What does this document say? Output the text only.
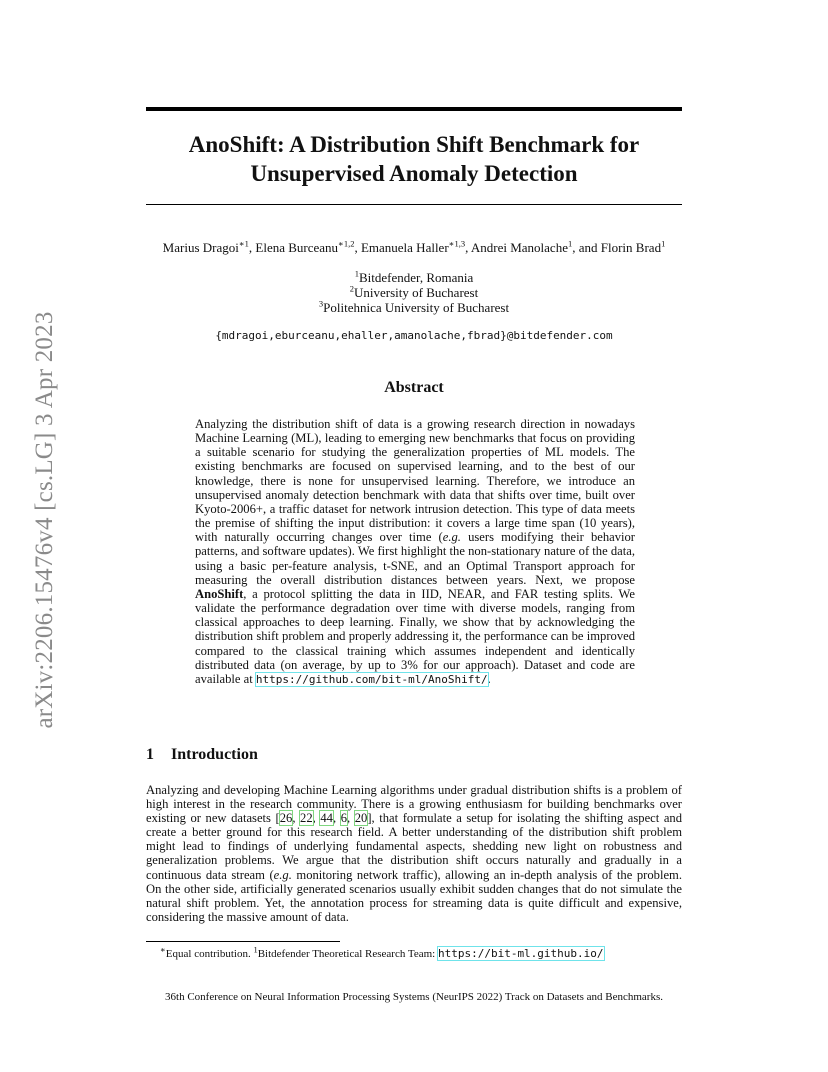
arXiv:2206.15476v4 [cs.LG] 3 Apr 2023
AnoShift: A Distribution Shift Benchmark for
Unsupervised Anomaly Detection
Marius Dragoi$^{∗1}$, Elena Burceanu$^{∗1,2}$, Emanuela Haller$^{∗1,3}$, Andrei Manolache$^1$, and Florin Brad$^1$
$^1$Bitdefender, Romania
$^2$University of Bucharest
$^3$Politehnica University of Bucharest
{mdragoi,eburceanu,ehaller,amanolache,fbrad}@bitdefender.com
Abstract

Analyzing the distribution shift of data is a growing research direction in nowadays Machine Learning (ML), leading to emerging new benchmarks that focus on providing a suitable scenario for studying the generalization properties of ML models. The existing benchmarks are focused on supervised learning, and to the best of our knowledge, there is none for unsupervised learning. Therefore, we introduce an unsupervised anomaly detection benchmark with data that shifts over time, built over Kyoto-2006+, a traffic dataset for network intrusion detection. This type of data meets the premise of shifting the input distribution: it covers a large time span (10 years), with naturally occurring changes over time (e.g. users modifying their behavior patterns, and software updates). We first highlight the non-stationary nature of the data, using a basic per-feature analysis, t-SNE, and an Optimal Transport approach for measuring the overall distribution distances between years. Next, we propose AnoShift, a protocol splitting the data in IID, NEAR, and FAR testing splits. We validate the performance degradation over time with diverse models, ranging from classical approaches to deep learning. Finally, we show that by acknowledging the distribution shift problem and properly addressing it, the performance can be improved compared to the classical training which assumes independent and identically distributed data (on average, by up to 3% for our approach). Dataset and code are available at https://github.com/bit-ml/AnoShift/.

1 Introduction

Analyzing and developing Machine Learning algorithms under gradual distribution shifts is a problem of high interest in the research community. There is a growing enthusiasm for building benchmarks over existing or new datasets [26, 22, 44, 6, 20], that formulate a setup for isolating the shifting aspect and create a better ground for this research field. A better understanding of the distribution shift problem might lead to findings of underlying fundamental aspects, shedding new light on robustness and generalization problems. We argue that the distribution shift occurs naturally and gradually in a continuous data stream (e.g. monitoring network traffic), allowing an in-depth analysis of the problem. On the other side, artificially generated scenarios usually exhibit sudden changes that do not simulate the natural shift problem. Yet, the annotation process for streaming data is quite difficult and expensive, considering the massive amount of data.

∗Equal contribution. $^1$Bitdefender Theoretical Research Team: https://bit-ml.github.io/
36th Conference on Neural Information Processing Systems (NeurIPS 2022) Track on Datasets and Benchmarks.
